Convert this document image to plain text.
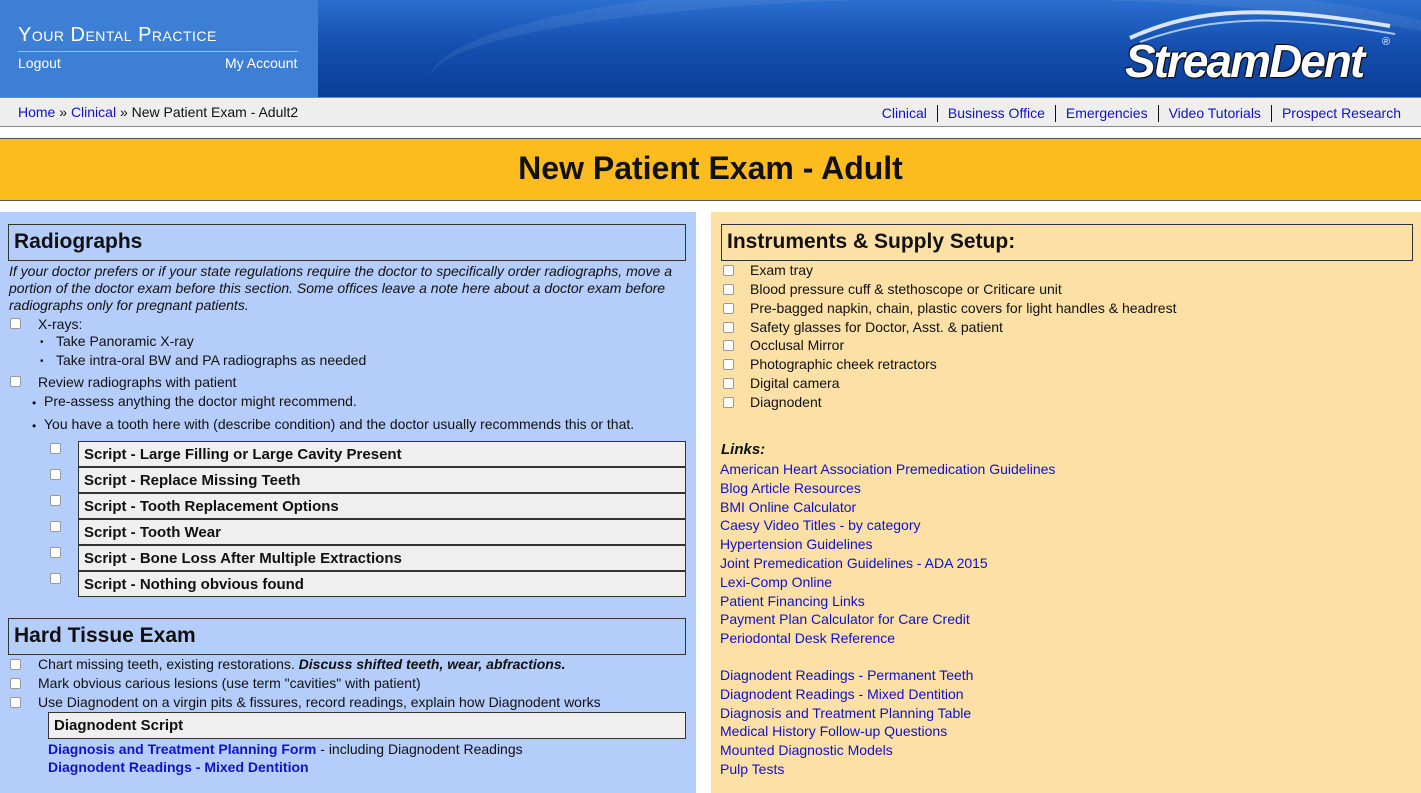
Your Dental Practice
Logout	My Account	StreamDent ®
Home » Clinical » New Patient Exam - Adult2	Clinical	Business Office	Emergencies	Video Tutorials	Prospect Research
New Patient Exam - Adult
Radiographs
If your doctor prefers or if your state regulations require the doctor to specifically order radiographs, move a
portion of the doctor exam before this section. Some offices leave a note here about a doctor exam before
radiographs only for pregnant patients.
X-rays:
• Take Panoramic X-ray
• Take intra-oral BW and PA radiographs as needed
Review radiographs with patient
• Pre-assess anything the doctor might recommend.
• You have a tooth here with (describe condition) and the doctor usually recommends this or that.
Script - Large Filling or Large Cavity Present
Script - Replace Missing Teeth
Script - Tooth Replacement Options
Script - Tooth Wear
Script - Bone Loss After Multiple Extractions
Script - Nothing obvious found
Hard Tissue Exam
Chart missing teeth, existing restorations. Discuss shifted teeth, wear, abfractions.
Mark obvious carious lesions (use term "cavities" with patient)
Use Diagnodent on a virgin pits & fissures, record readings, explain how Diagnodent works
Diagnodent Script
Diagnosis and Treatment Planning Form - including Diagnodent Readings
Diagnodent Readings - Mixed Dentition
Instruments & Supply Setup:
Exam tray
Blood pressure cuff & stethoscope or Criticare unit
Pre-bagged napkin, chain, plastic covers for light handles & headrest
Safety glasses for Doctor, Asst. & patient
Occlusal Mirror
Photographic cheek retractors
Digital camera
Diagnodent
Links:
American Heart Association Premedication Guidelines
Blog Article Resources
BMI Online Calculator
Caesy Video Titles - by category
Hypertension Guidelines
Joint Premedication Guidelines - ADA 2015
Lexi-Comp Online
Patient Financing Links
Payment Plan Calculator for Care Credit
Periodontal Desk Reference
Diagnodent Readings - Permanent Teeth
Diagnodent Readings - Mixed Dentition
Diagnosis and Treatment Planning Table
Medical History Follow-up Questions
Mounted Diagnostic Models
Pulp Tests
